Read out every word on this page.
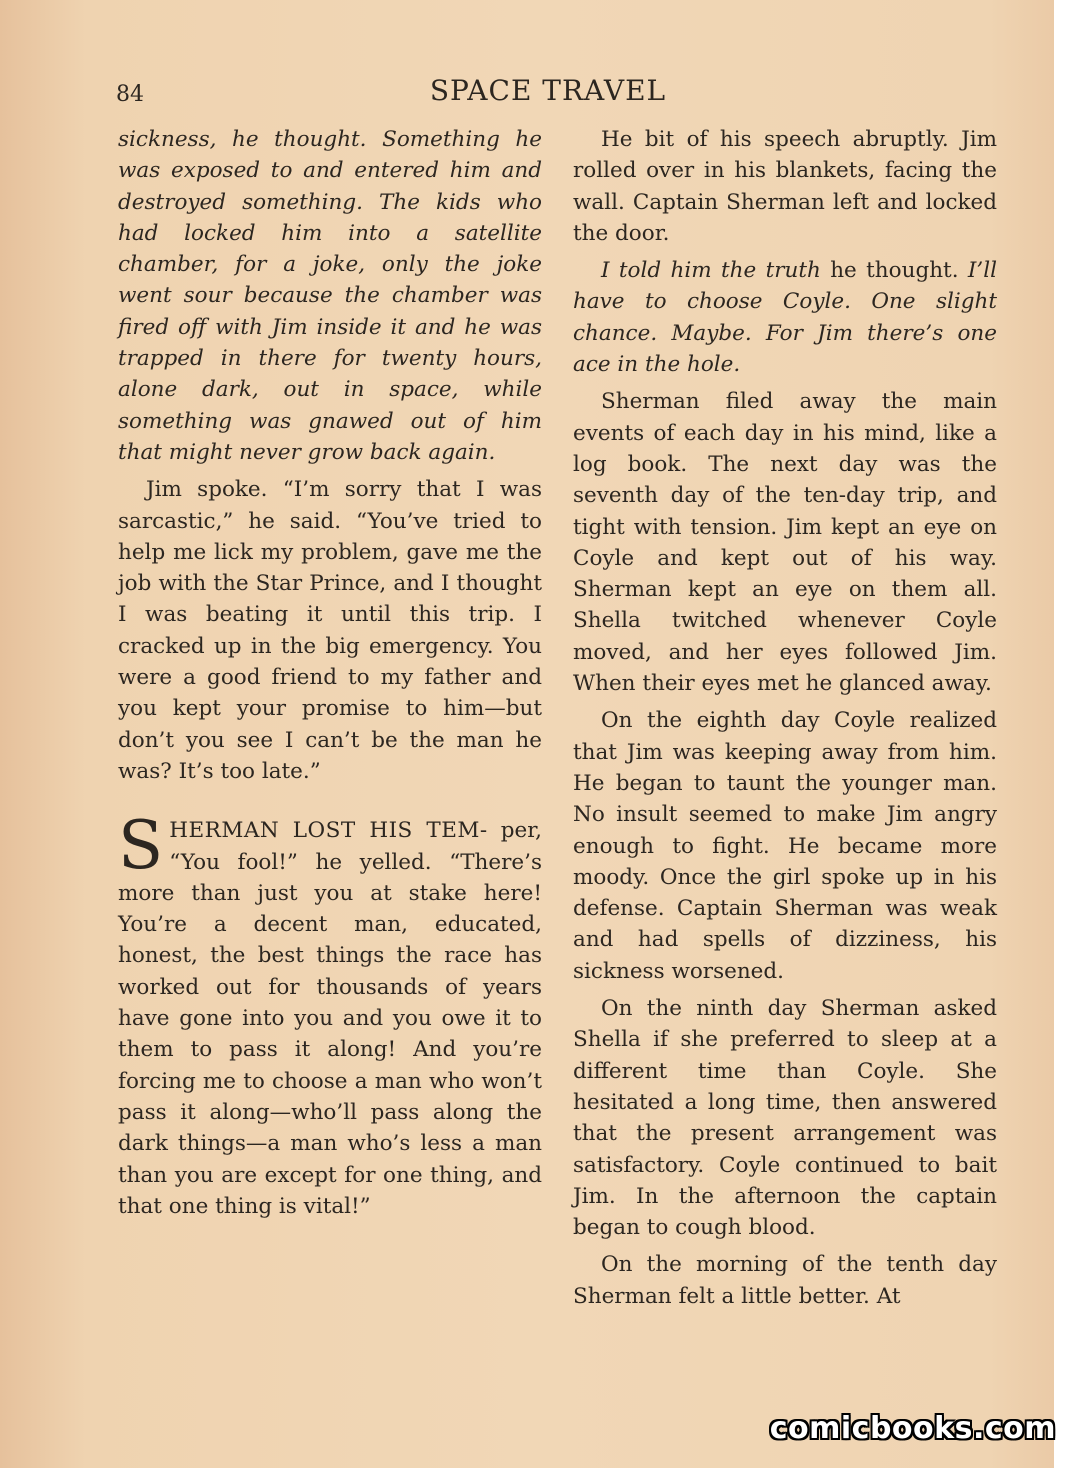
84	SPACE TRAVEL

sickness, he thought. Something he was exposed to and entered him and destroyed something. The kids who had locked him into a satellite chamber, for a joke, only the joke went sour because the chamber was fired off with Jim inside it and he was trapped in there for twenty hours, alone dark, out in space, while something was gnawed out of him that might never grow back again.

Jim spoke. “I’m sorry that I was sarcastic,” he said. “You’ve tried to help me lick my problem, gave me the job with the Star Prince, and I thought I was beating it until this trip. I cracked up in the big emergency. You were a good friend to my father and you kept your promise to him—but don’t you see I can’t be the man he was? It’s too late.”

SHERMAN LOST HIS TEM- per, “You fool!” he yelled. “There’s more than just you at stake here! You’re a decent man, educated, honest, the best things the race has worked out for thousands of years have gone into you and you owe it to them to pass it along! And you’re forcing me to choose a man who won’t pass it along—who’ll pass along the dark things—a man who’s less a man than you are except for one thing, and that one thing is vital!”

He bit of his speech abruptly. Jim rolled over in his blankets, facing the wall. Captain Sherman left and locked the door.

I told him the truth he thought. I’ll have to choose Coyle. One slight chance. Maybe. For Jim there’s one ace in the hole.

Sherman filed away the main events of each day in his mind, like a log book. The next day was the seventh day of the ten-day trip, and tight with tension. Jim kept an eye on Coyle and kept out of his way. Sherman kept an eye on them all. Shella twitched whenever Coyle moved, and her eyes followed Jim. When their eyes met he glanced away.

On the eighth day Coyle realized that Jim was keeping away from him. He began to taunt the younger man. No insult seemed to make Jim angry enough to fight. He became more moody. Once the girl spoke up in his defense. Captain Sherman was weak and had spells of dizziness, his sickness worsened.

On the ninth day Sherman asked Shella if she preferred to sleep at a different time than Coyle. She hesitated a long time, then answered that the present arrangement was satisfactory. Coyle continued to bait Jim. In the afternoon the captain began to cough blood.

On the morning of the tenth day Sherman felt a little better. At

comicbooks.com
